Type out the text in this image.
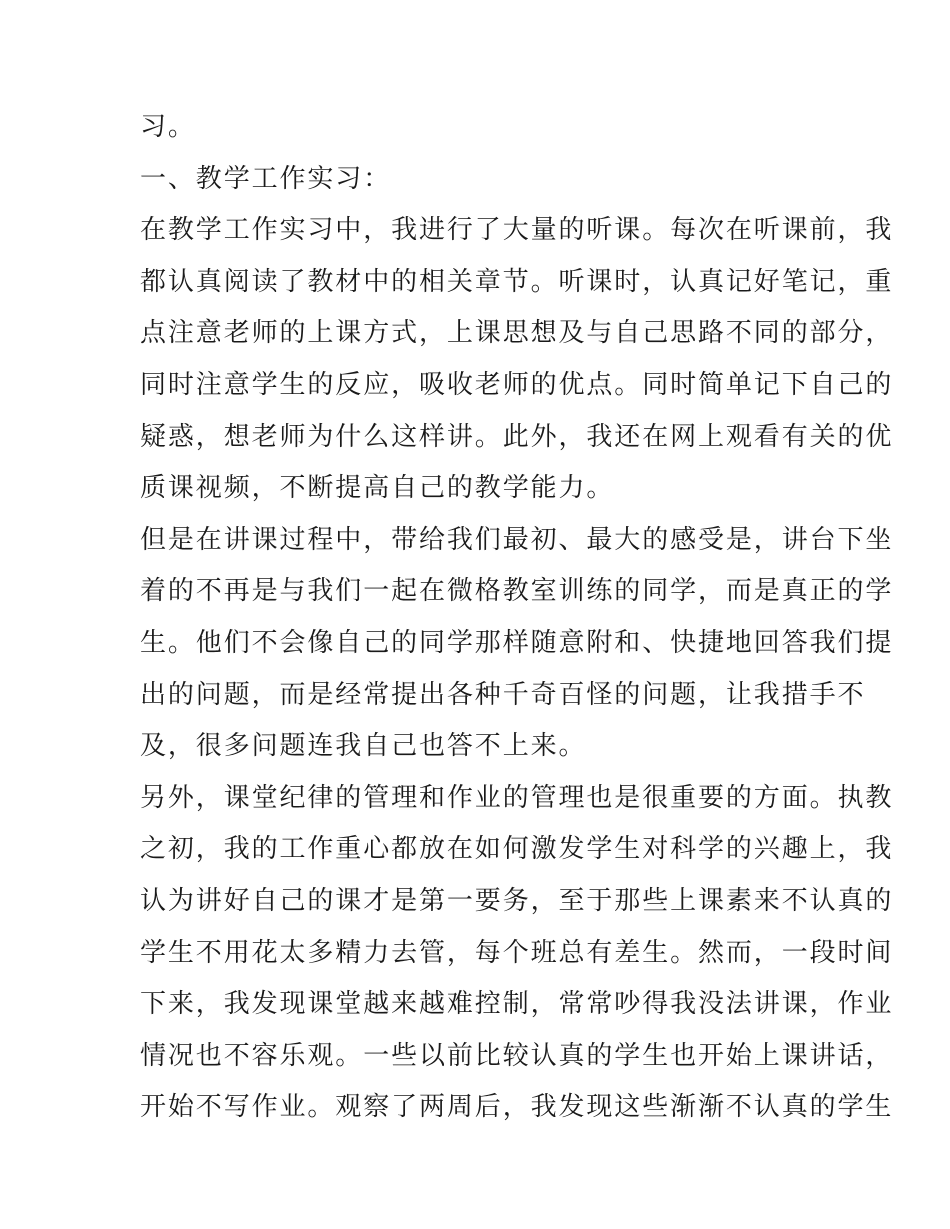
习。
一、教学工作实习：
在教学工作实习中，我进行了大量的听课。每次在听课前，我
都认真阅读了教材中的相关章节。听课时，认真记好笔记，重
点注意老师的上课方式，上课思想及与自己思路不同的部分，
同时注意学生的反应，吸收老师的优点。同时简单记下自己的
疑惑，想老师为什么这样讲。此外，我还在网上观看有关的优
质课视频，不断提高自己的教学能力。
但是在讲课过程中，带给我们最初、最大的感受是，讲台下坐
着的不再是与我们一起在微格教室训练的同学，而是真正的学
生。他们不会像自己的同学那样随意附和、快捷地回答我们提
出的问题，而是经常提出各种千奇百怪的问题，让我措手不
及，很多问题连我自己也答不上来。
另外，课堂纪律的管理和作业的管理也是很重要的方面。执教
之初，我的工作重心都放在如何激发学生对科学的兴趣上，我
认为讲好自己的课才是第一要务，至于那些上课素来不认真的
学生不用花太多精力去管，每个班总有差生。然而，一段时间
下来，我发现课堂越来越难控制，常常吵得我没法讲课，作业
情况也不容乐观。一些以前比较认真的学生也开始上课讲话，
开始不写作业。观察了两周后，我发现这些渐渐不认真的学生
